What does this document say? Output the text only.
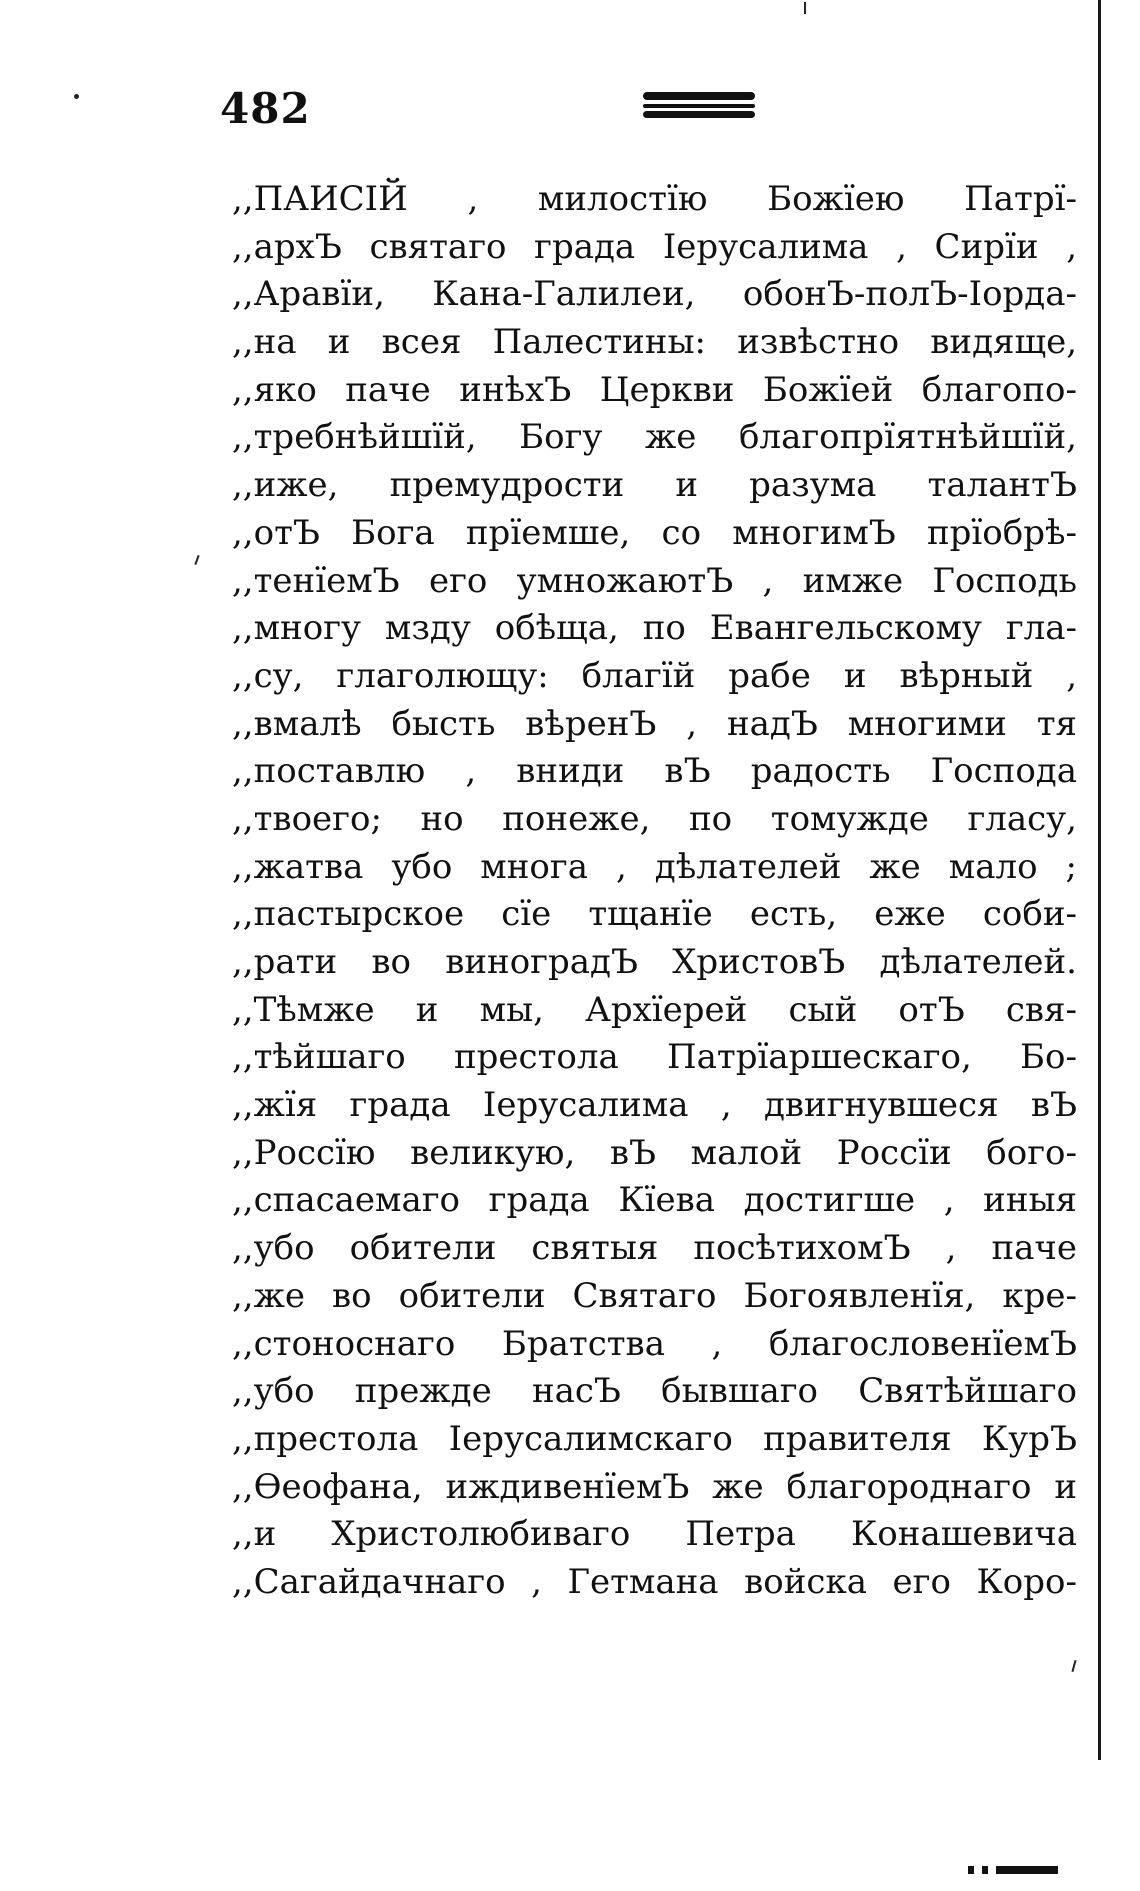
482
,,ПАИСІЙ , милостїю Божїею Патрї-
,,архЪ святаго града Іерусалима , Сирїи ,
,,Аравїи, Кана-Галилеи, обонЪ-полЪ-Іорда-
,,на и всея Палестины: извѣстно видяще,
,,яко паче инѣхЪ Церкви Божїей благопо-
,,требнѣйшїй, Богу же благопрїятнѣйшїй,
,,иже, премудрости и разума талантЪ
,,отЪ Бога прїемше, со многимЪ прїобрѣ-
,,тенїемЪ его умножаютЪ , имже Господь
,,многу мзду обѣща, по Евангельскому гла-
,,су, глаголющу: благїй рабе и вѣрный ,
,,вмалѣ бысть вѣренЪ , надЪ многими тя
,,поставлю , вниди вЪ радость Господа
,,твоего; но понеже, по томужде гласу,
,,жатва убо многа , дѣлателей же мало ;
,,пастырское сїе тщанїе есть, еже соби-
,,рати во виноградЪ ХристовЪ дѣлателей.
,,Тѣмже и мы, Архїерей сый отЪ свя-
,,тѣйшаго престола Патрїаршескаго, Бо-
,,жїя града Іерусалима , двигнувшеся вЪ
,,Россїю великую, вЪ малой Россїи бого-
,,спасаемаго града Кїева достигше , иныя
,,убо обители святыя посѣтихомЪ , паче
,,же во обители Святаго Богоявленїя, кре-
,,стоноснаго Братства , благословенїемЪ
,,убо прежде насЪ бывшаго Святѣйшаго
,,престола Іерусалимскаго правителя КурЪ
,,Өеофана, иждивенїемЪ же благороднаго и
,,и Христолюбиваго Петра Конашевича
,,Сагайдачнаго , Гетмана войска его Коро-
